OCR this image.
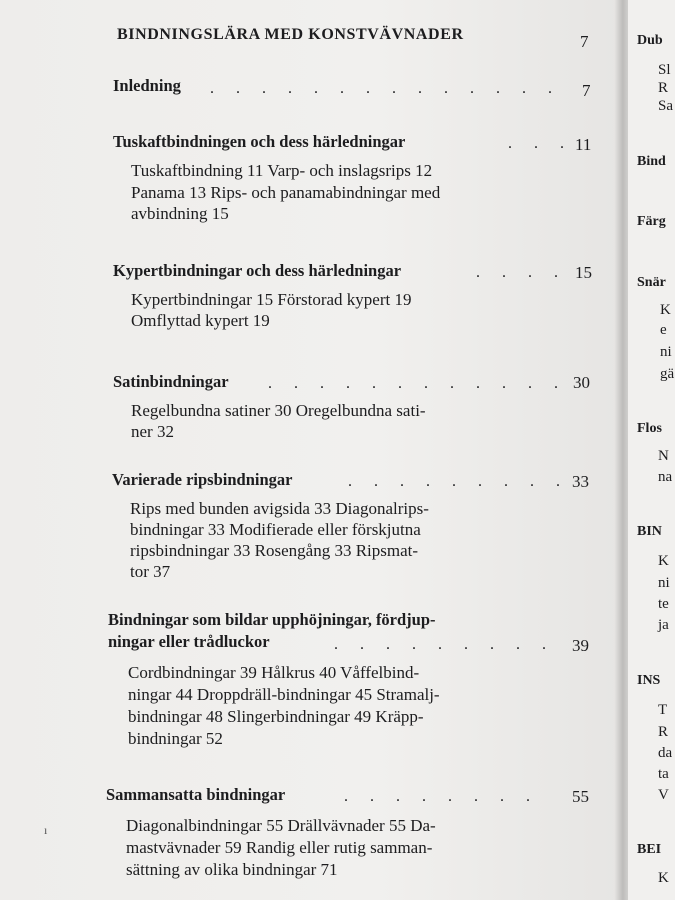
BINDNINGSLÄRA MED KONSTVÄVNADER	7
Inledning . . . . . . . . . . . . . . 7
Tuskaftbindningen och dess härledningar	. . . 11
Tuskaftbindning 11 Varp- och inslagsrips 12
Panama 13 Rips- och panamabindningar med
avbindning 15
Kypertbindningar och dess härledningar	. . . . 15
Kypertbindningar 15 Förstorad kypert 19
Omflyttad kypert 19
Satinbindningar . . . . . . . . . . . . 30
Regelbundna satiner 30 Oregelbundna sati-
ner 32
Varierade ripsbindningar	. . . . . . . . . 33
Rips med bunden avigsida 33 Diagonalrips-
bindningar 33 Modifierade eller förskjutna
ripsbindningar 33 Rosengång 33 Ripsmat-
tor 37
Bindningar som bildar upphöjningar, fördjup-
ningar eller trådluckor	. . . . . . . . . 39
Cordbindningar 39 Hålkrus 40 Våffelbind-
ningar 44 Droppdräll-bindningar 45 Stramalj-
bindningar 48 Slingerbindningar 49 Kräpp-
bindningar 52
Sammansatta bindningar	. . . . . . . . 55
Diagonalbindningar 55 Drällvävnader 55 Da-
mastvävnader 59 Randig eller rutig samman-
sättning av olika bindningar 71
ı
Dub
Sl
R
Sa
Bind
Färg
Snär
K
e
ni
gä
Flos
N
na
BIN
K
ni
te
ja
INS
T
R
da
ta
V
BEI
K
